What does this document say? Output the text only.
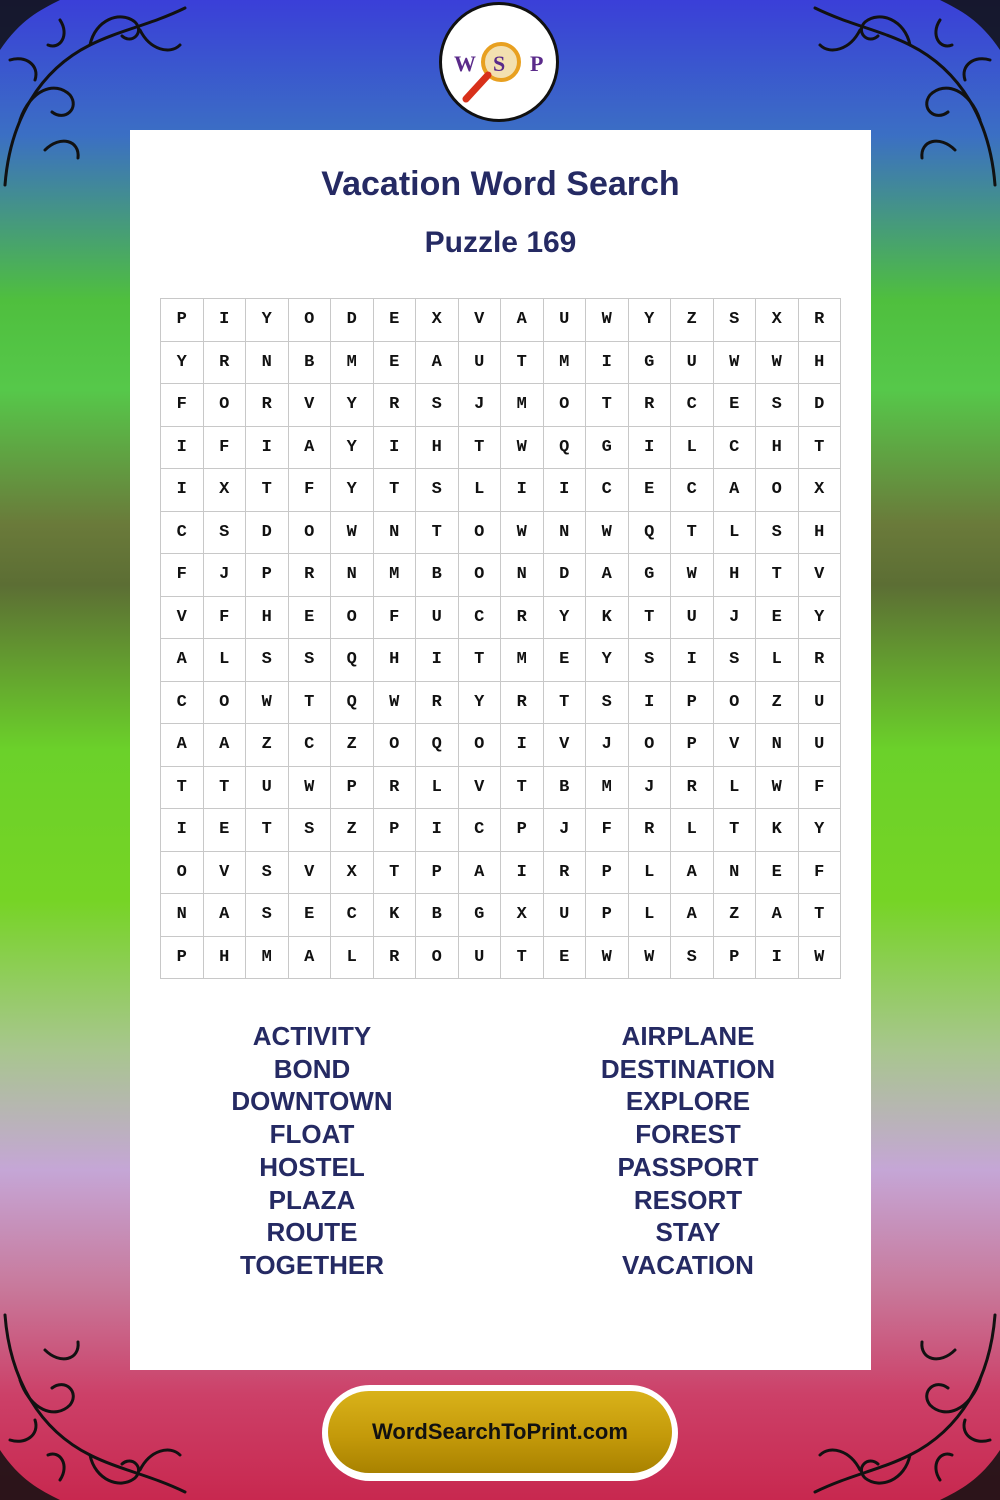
W S P
Vacation Word Search
Puzzle 169
P	I	Y	O	D	E	X	V	A	U	W	Y	Z	S	X	R
Y	R	N	B	M	E	A	U	T	M	I	G	U	W	W	H
F	O	R	V	Y	R	S	J	M	O	T	R	C	E	S	D
I	F	I	A	Y	I	H	T	W	Q	G	I	L	C	H	T
I	X	T	F	Y	T	S	L	I	I	C	E	C	A	O	X
C	S	D	O	W	N	T	O	W	N	W	Q	T	L	S	H
F	J	P	R	N	M	B	O	N	D	A	G	W	H	T	V
V	F	H	E	O	F	U	C	R	Y	K	T	U	J	E	Y
A	L	S	S	Q	H	I	T	M	E	Y	S	I	S	L	R
C	O	W	T	Q	W	R	Y	R	T	S	I	P	O	Z	U
A	A	Z	C	Z	O	Q	O	I	V	J	O	P	V	N	U
T	T	U	W	P	R	L	V	T	B	M	J	R	L	W	F
I	E	T	S	Z	P	I	C	P	J	F	R	L	T	K	Y
O	V	S	V	X	T	P	A	I	R	P	L	A	N	E	F
N	A	S	E	C	K	B	G	X	U	P	L	A	Z	A	T
P	H	M	A	L	R	O	U	T	E	W	W	S	P	I	W
ACTIVITY
BOND
DOWNTOWN
FLOAT
HOSTEL
PLAZA
ROUTE
TOGETHER
AIRPLANE
DESTINATION
EXPLORE
FOREST
PASSPORT
RESORT
STAY
VACATION
WordSearchToPrint.com
